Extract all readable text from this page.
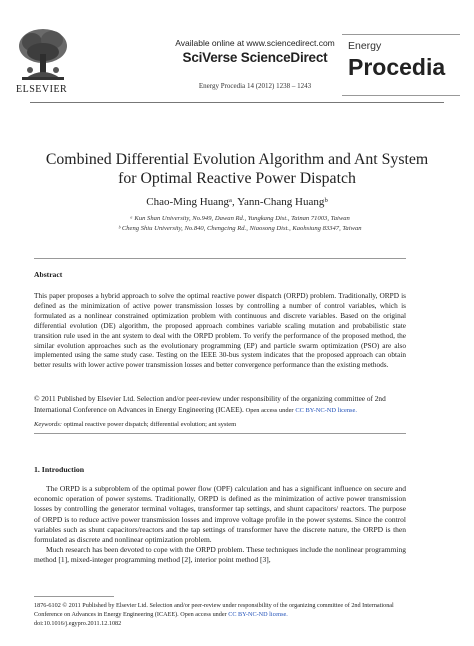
ELSEVIER
Available online at www.sciencedirect.com
SciVerse ScienceDirect
Energy Procedia 14 (2012) 1238 – 1243
Energy
Procedia
Combined Differential Evolution Algorithm and Ant System
for Optimal Reactive Power Dispatch
Chao-Ming Huangᵃ, Yann-Chang Huangᵇ
ᵃ Kun Shan University, No.949, Dawan Rd., Yungkang Dist., Tainan 71003, Taiwan
ᵇ Cheng Shiu University, No.840, Chengcing Rd., Niaosong Dist., Kaohsiung 83347, Taiwan
Abstract
This paper proposes a hybrid approach to solve the optimal reactive power dispatch (ORPD) problem. Traditionally, ORPD is defined as the minimization of active power transmission losses by controlling a number of control variables, which is formulated as a nonlinear constrained optimization problem with continuous and discrete variables. Based on the original differential evolution (DE) algorithm, the proposed approach combines variable scaling mutation and probabilistic state transition rule used in the ant system to deal with the ORPD problem. To verify the performance of the proposed method, the similar evolution approaches such as the evolutionary programming (EP) and particle swarm optimization (PSO) are also implemented using the same study case. Testing on the IEEE 30-bus system indicates that the proposed approach can obtain better results with lower active power transmission losses and better convergence performance than the existing methods.
© 2011 Published by Elsevier Ltd. Selection and/or peer-review under responsibility of the organizing committee of 2nd International Conference on Advances in Energy Engineering (ICAEE). Open access under CC BY-NC-ND license.
Keywords: optimal reactive power dispatch; differential evolution; ant system
1. Introduction

The ORPD is a subproblem of the optimal power flow (OPF) calculation and has a significant influence on secure and economic operation of power systems. Traditionally, ORPD is defined as the minimization of active power transmission losses by controlling the generator terminal voltages, transformer tap settings, and shunt capacitors/ reactors. The purpose of ORPD is to reduce active power transmission losses and improve voltage profile in the power systems. Since the control variables such as shunt capacitors/reactors and the tap settings of transformer have the discrete nature, the ORPD is then formulated as discrete and nonlinear optimization problem.

Much research has been devoted to cope with the ORPD problem. These techniques include the nonlinear programming method [1], mixed-integer programming method [2], interior point method [3],

1876-6102 © 2011 Published by Elsevier Ltd. Selection and/or peer-review under responsibility of the organizing committee of 2nd International
Conference on Advances in Energy Engineering (ICAEE). Open access under CC BY-NC-ND license.
doi:10.1016/j.egypro.2011.12.1082
